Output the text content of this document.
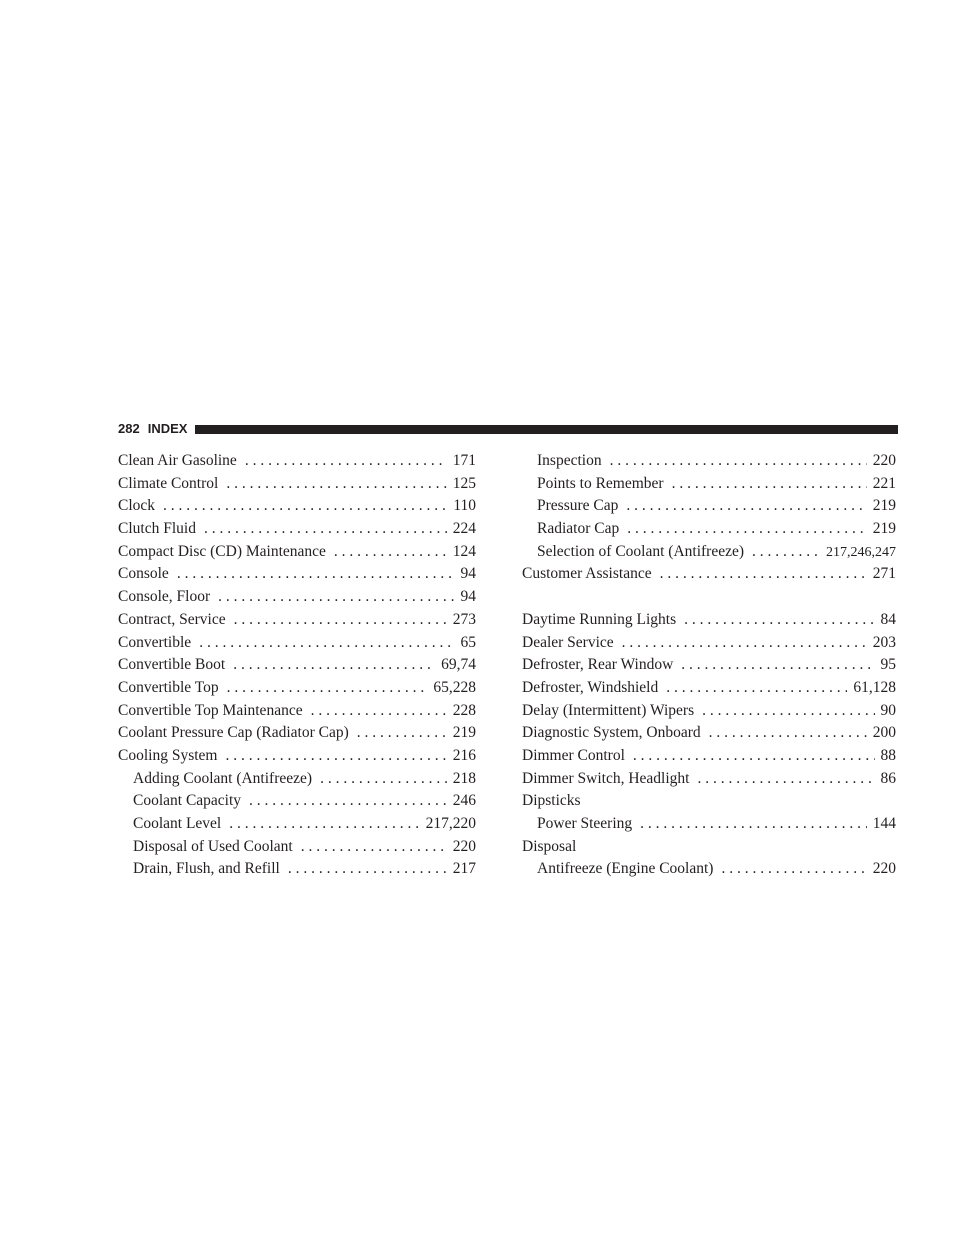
282 INDEX
Clean Air Gasoline . . .	171
Climate Control . . .	125
Clock . . .	110
Clutch Fluid . . .	224
Compact Disc (CD) Maintenance . . .	124
Console . . .	94
Console, Floor . . .	94
Contract, Service . . .	273
Convertible . . .	65
Convertible Boot . . .	69,74
Convertible Top . . .	65,228
Convertible Top Maintenance . . .	228
Coolant Pressure Cap (Radiator Cap) . . .	219
Cooling System . . .	216
Adding Coolant (Antifreeze) . . .	218
Coolant Capacity . . .	246
Coolant Level . . .	217,220
Disposal of Used Coolant . . .	220
Drain, Flush, and Refill . . .	217
Inspection . . .	220
Points to Remember . . .	221
Pressure Cap . . .	219
Radiator Cap . . .	219
Selection of Coolant (Antifreeze) . . .	217,246,247
Customer Assistance . . .	271
Daytime Running Lights . . .	84
Dealer Service . . .	203
Defroster, Rear Window . . .	95
Defroster, Windshield . . .	61,128
Delay (Intermittent) Wipers . . .	90
Diagnostic System, Onboard . . .	200
Dimmer Control . . .	88
Dimmer Switch, Headlight . . .	86
Dipsticks
Power Steering . . .	144
Disposal
Antifreeze (Engine Coolant) . . .	220
